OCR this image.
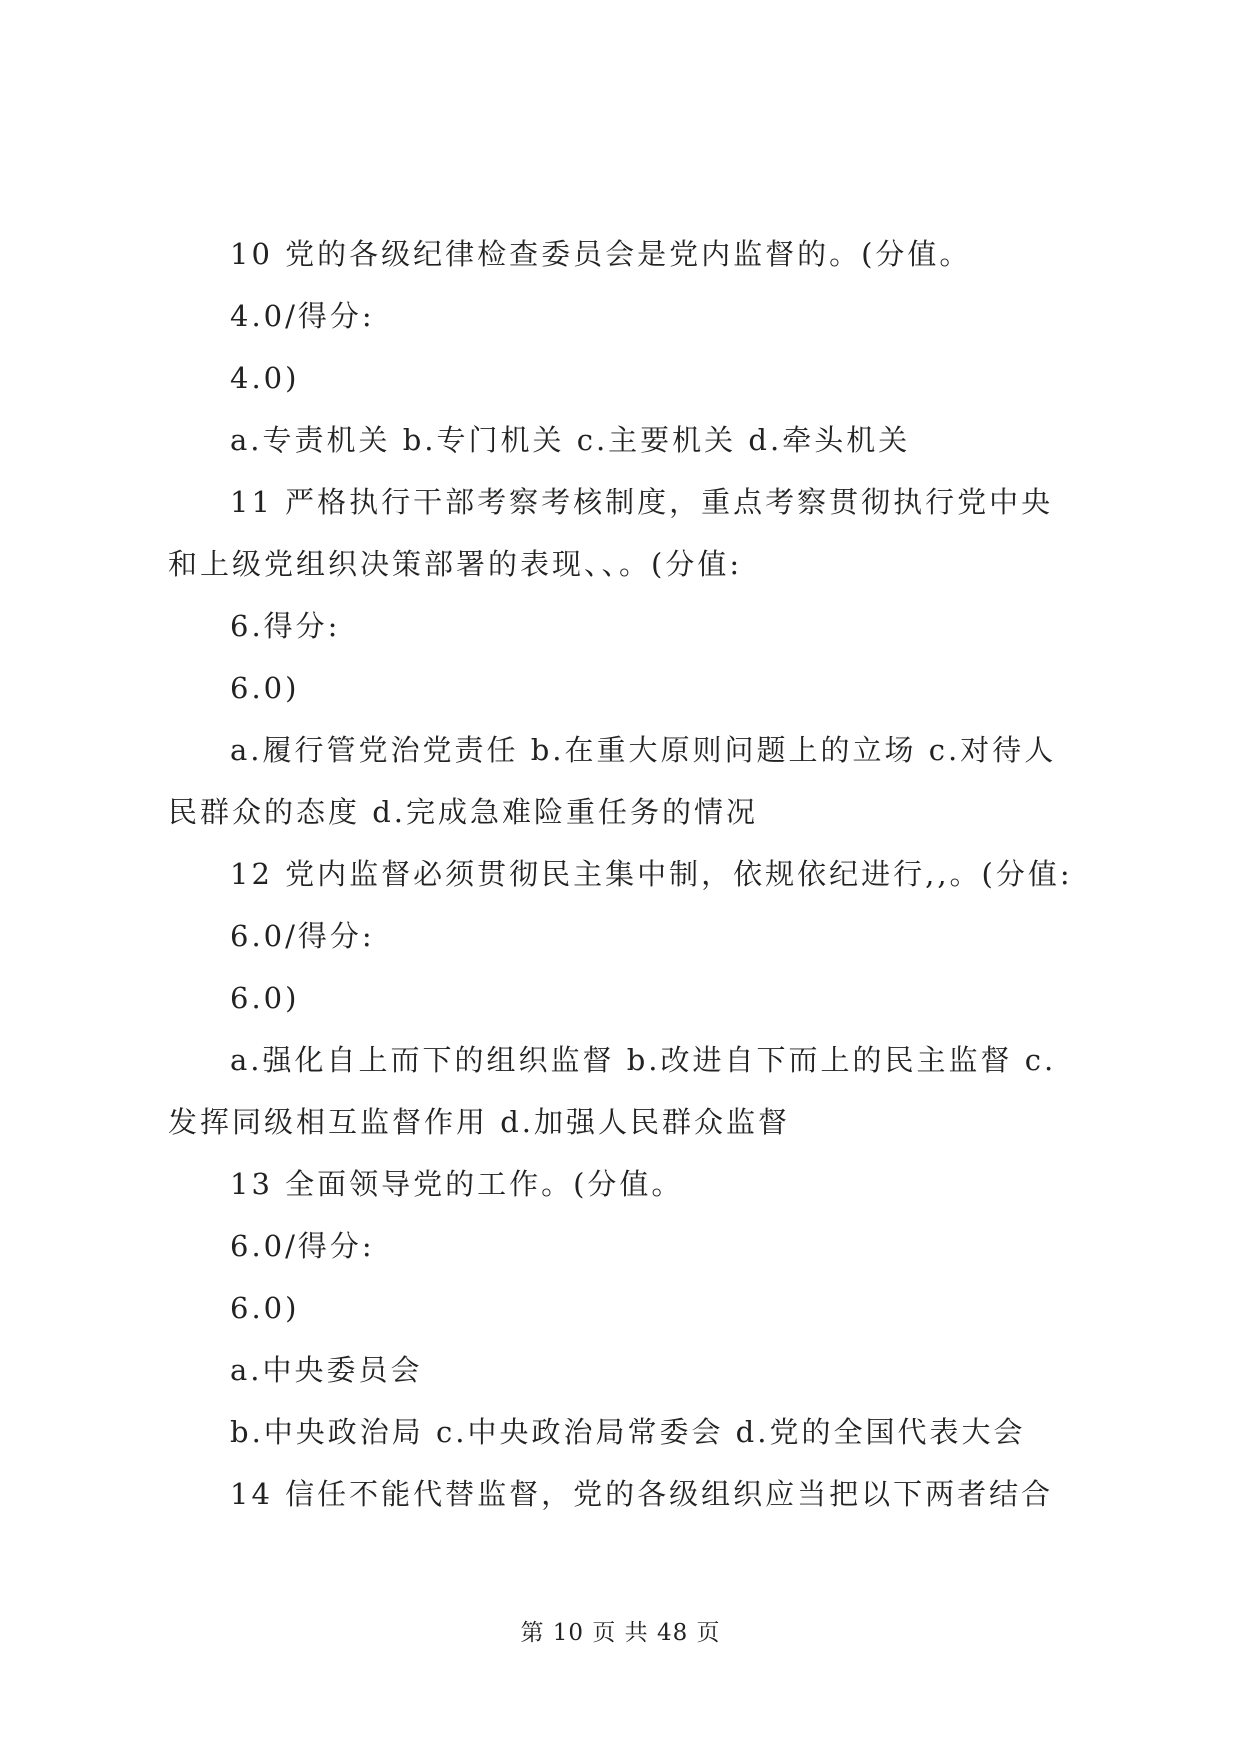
10 党的各级纪律检查委员会是党内监督的。(分值。
4.0/得分:
4.0)
a.专责机关 b.专门机关 c.主要机关 d.牵头机关
11 严格执行干部考察考核制度，重点考察贯彻执行党中央
和上级党组织决策部署的表现、、。(分值:
6.得分:
6.0)
a.履行管党治党责任 b.在重大原则问题上的立场 c.对待人
民群众的态度 d.完成急难险重任务的情况
12 党内监督必须贯彻民主集中制，依规依纪进行,,。(分值:
6.0/得分:
6.0)
a.强化自上而下的组织监督 b.改进自下而上的民主监督 c.
发挥同级相互监督作用 d.加强人民群众监督
13 全面领导党的工作。(分值。
6.0/得分:
6.0)
a.中央委员会
b.中央政治局 c.中央政治局常委会 d.党的全国代表大会
14 信任不能代替监督，党的各级组织应当把以下两者结合
第 10 页 共 48 页
